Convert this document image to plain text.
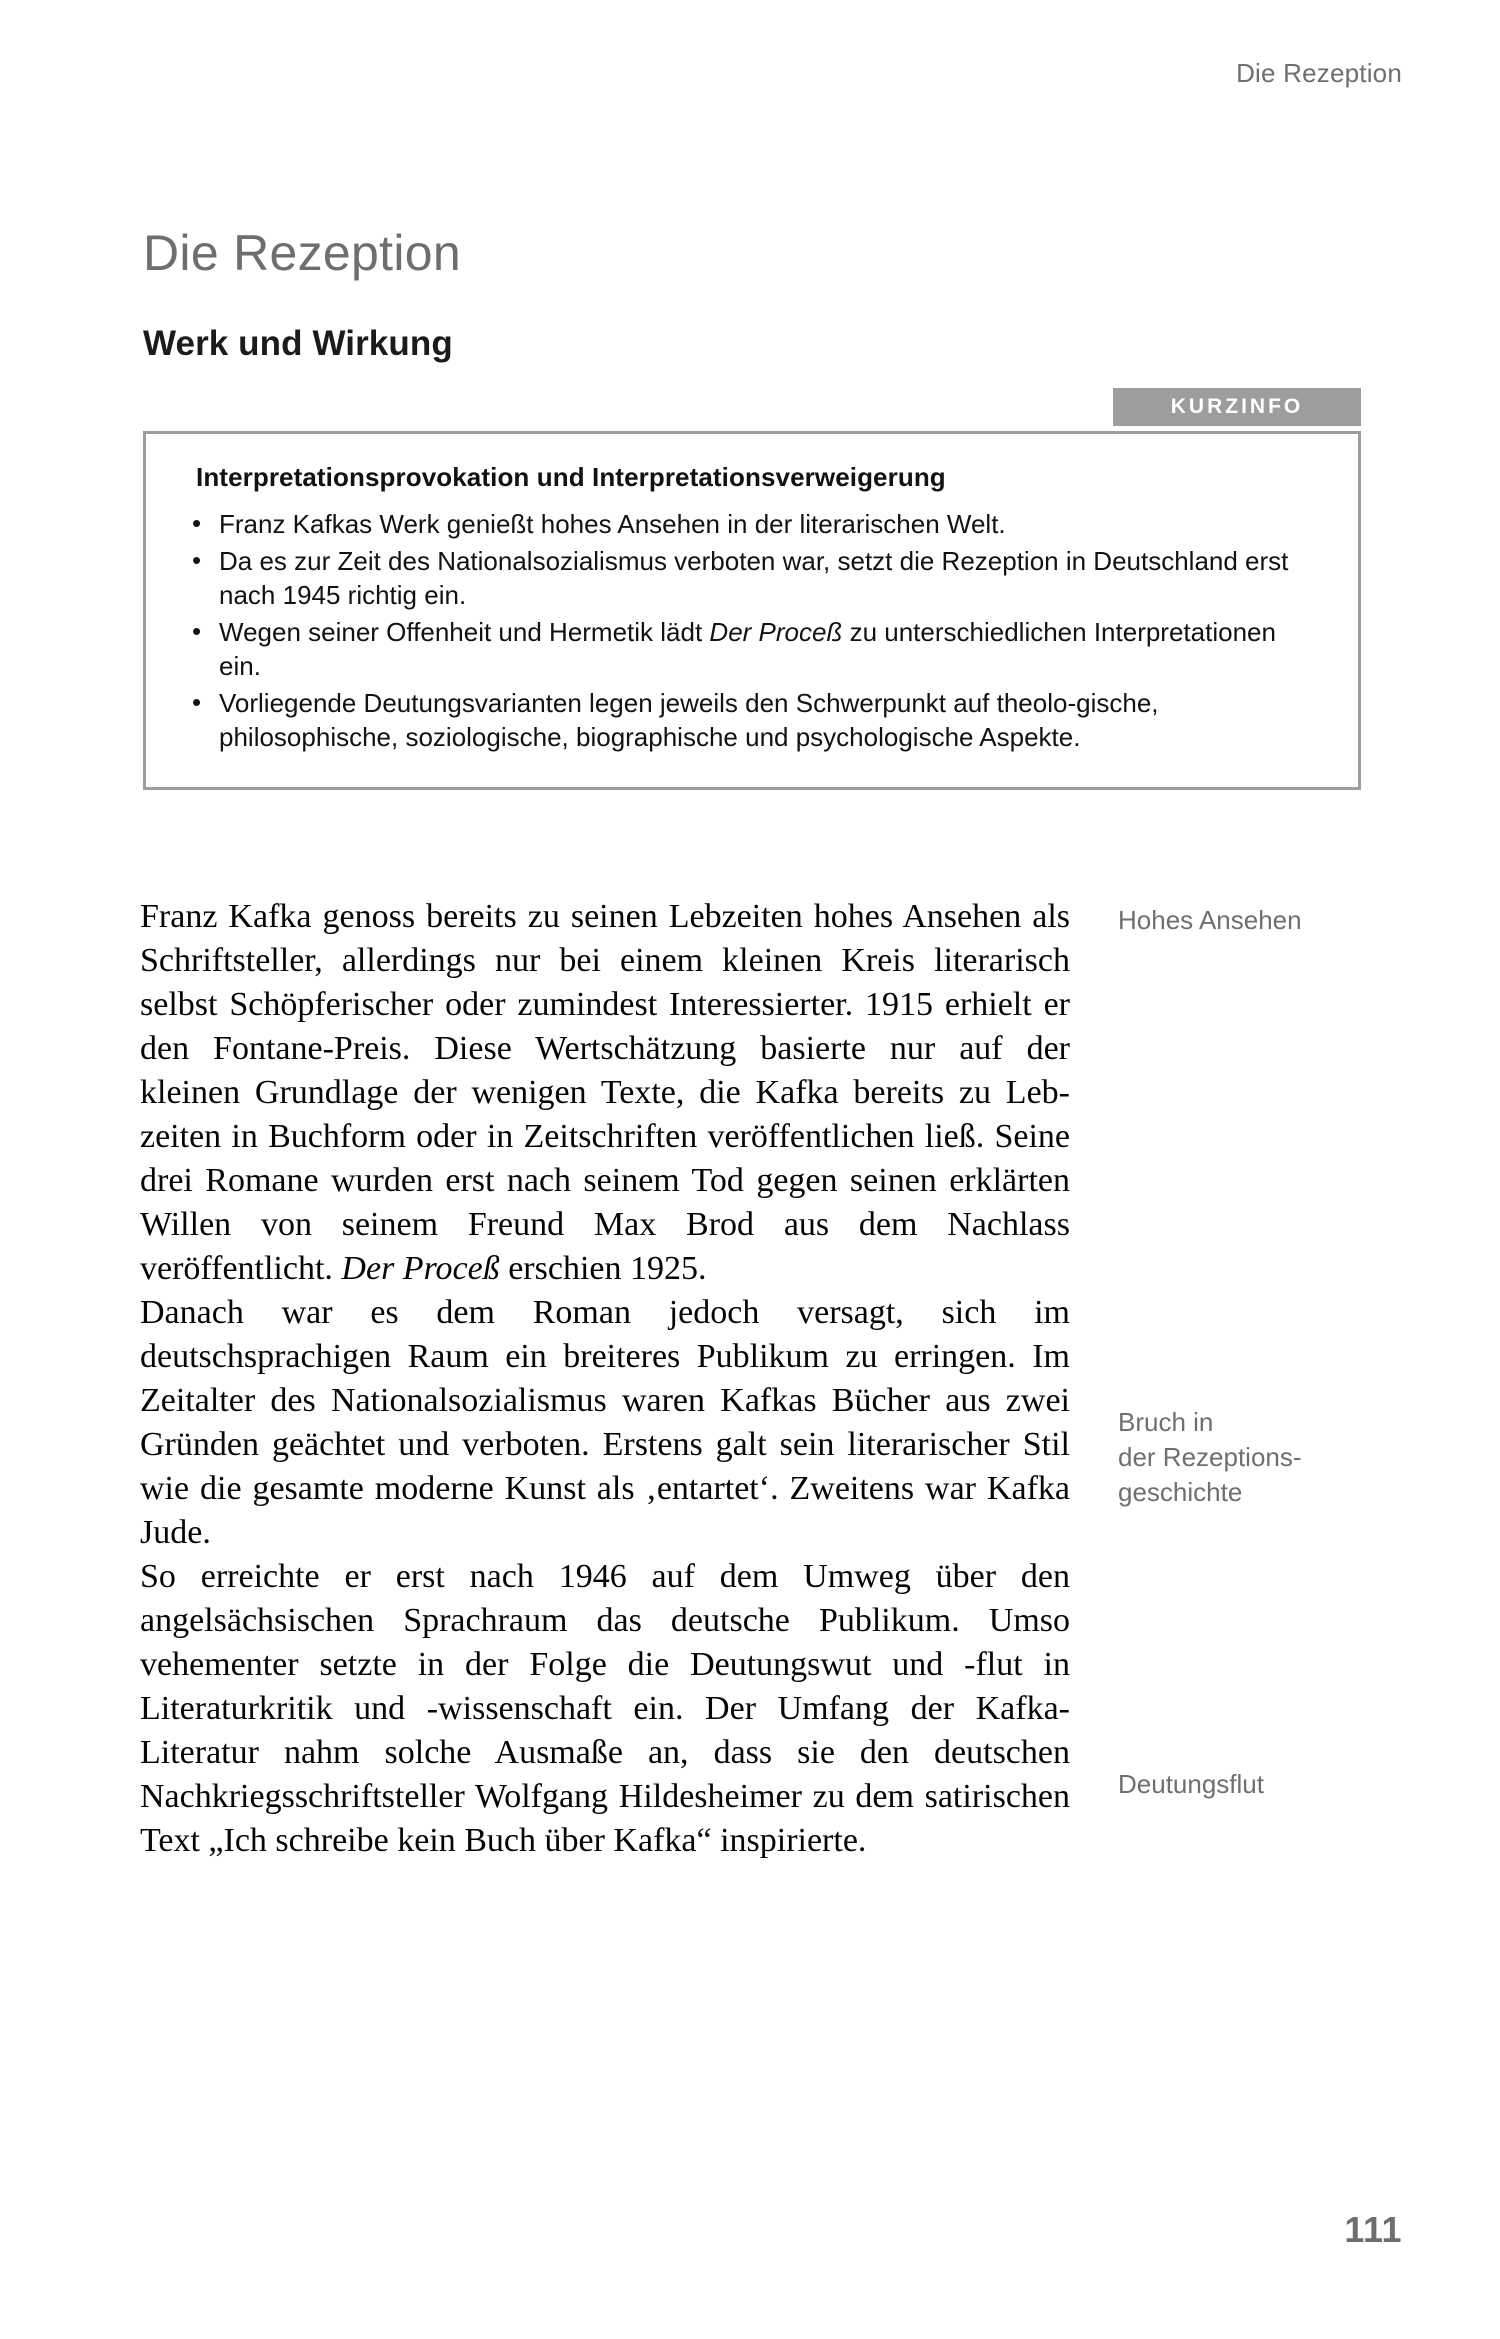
Die Rezeption
Die Rezeption
Werk und Wirkung
KURZINFO
Interpretationsprovokation und Interpretationsverweigerung
• Franz Kafkas Werk genießt hohes Ansehen in der literarischen Welt.
• Da es zur Zeit des Nationalsozialismus verboten war, setzt die Rezeption in Deutschland erst nach 1945 richtig ein.
• Wegen seiner Offenheit und Hermetik lädt Der Proceß zu unterschiedlichen Interpretationen ein.
• Vorliegende Deutungsvarianten legen jeweils den Schwerpunkt auf theolo-gische, philosophische, soziologische, biographische und psychologische Aspekte.

Franz Kafka genoss bereits zu seinen Lebzeiten hohes Ansehen als Schriftsteller, allerdings nur bei einem kleinen Kreis literarisch selbst Schöpferischer oder zumindest Interessierter. 1915 erhielt er den Fontane-Preis. Diese Wertschätzung basierte nur auf der kleinen Grundlage der wenigen Texte, die Kafka bereits zu Lebzeiten in Buchform oder in Zeitschriften veröffentlichen ließ. Seine drei Romane wurden erst nach seinem Tod gegen seinen erklärten Willen von seinem Freund Max Brod aus dem Nachlass veröffentlicht. Der Proceß erschien 1925.

Danach war es dem Roman jedoch versagt, sich im deutschsprachigen Raum ein breiteres Publikum zu erringen. Im Zeitalter des Nationalsozialismus waren Kafkas Bücher aus zwei Gründen geächtet und verboten. Erstens galt sein literarischer Stil wie die gesamte moderne Kunst als ‚entartet‘. Zweitens war Kafka Jude.

So erreichte er erst nach 1946 auf dem Umweg über den angelsächsischen Sprachraum das deutsche Publikum. Umso vehementer setzte in der Folge die Deutungswut und -flut in Literaturkritik und -wissenschaft ein. Der Umfang der Kafka-Literatur nahm solche Ausmaße an, dass sie den deutschen Nachkriegsschriftsteller Wolfgang Hildesheimer zu dem satirischen Text „Ich schreibe kein Buch über Kafka“ inspirierte.

Hohes Ansehen
Bruch in
der Rezeptions-
geschichte
Deutungsflut
111
